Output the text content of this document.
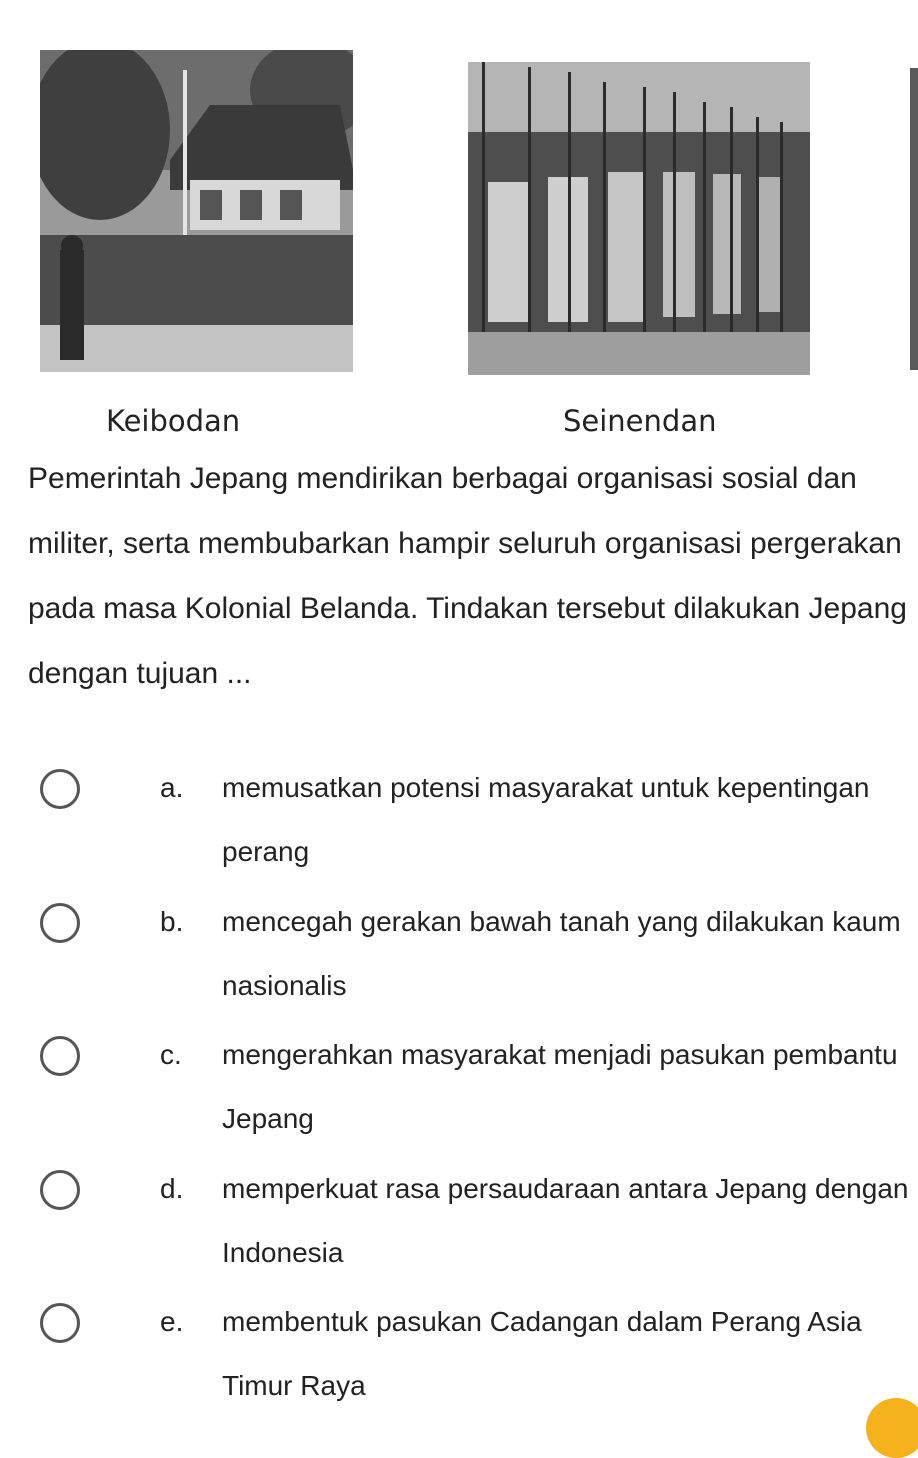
Keibodan	Seinendan
Pemerintah Jepang mendirikan berbagai organisasi sosial dan militer, serta membubarkan hampir seluruh organisasi pergerakan pada masa Kolonial Belanda. Tindakan tersebut dilakukan Jepang dengan tujuan ...
a. memusatkan potensi masyarakat untuk kepentingan perang
b. mencegah gerakan bawah tanah yang dilakukan kaum nasionalis
c. mengerahkan masyarakat menjadi pasukan pembantu Jepang
d. memperkuat rasa persaudaraan antara Jepang dengan Indonesia
e. membentuk pasukan Cadangan dalam Perang Asia Timur Raya
